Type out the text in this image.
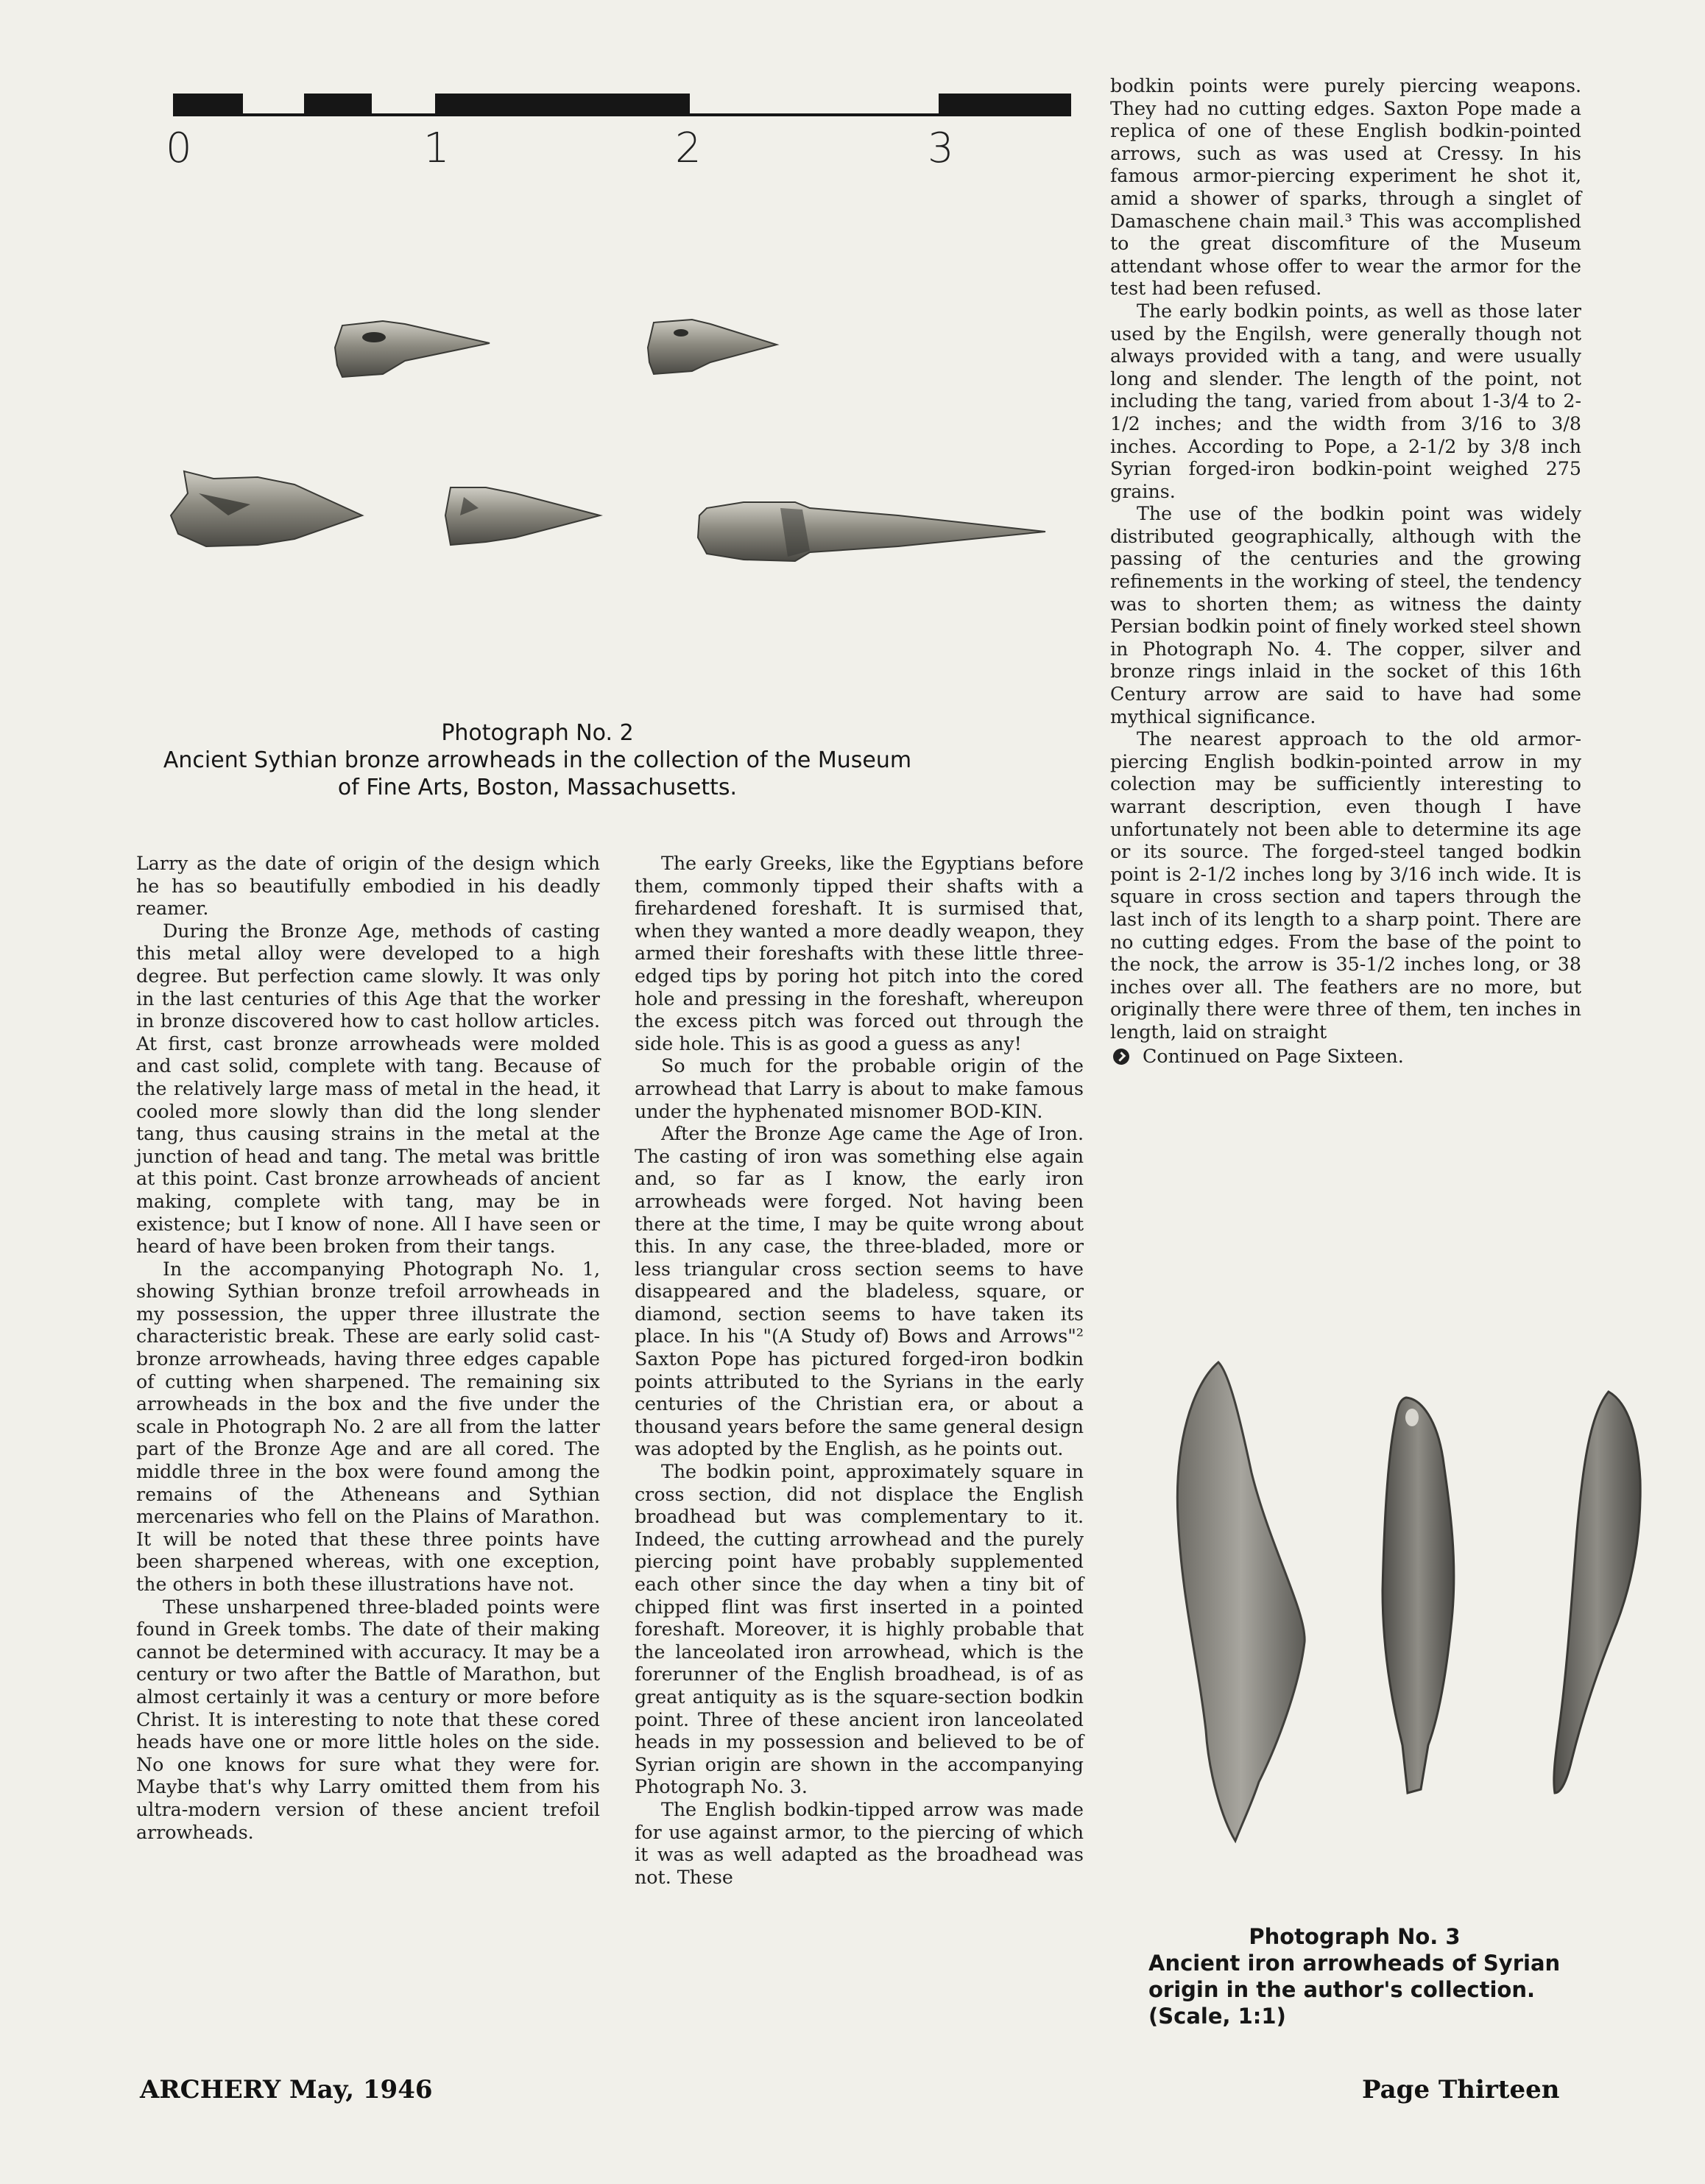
0	1	2	3
Photograph No. 2
Ancient Sythian bronze arrowheads in the collection of the Museum
of Fine Arts, Boston, Massachusetts.

Larry as the date of origin of the design which he has so beautifully embodied in his deadly reamer.

During the Bronze Age, methods of casting this metal alloy were developed to a high degree. But perfection came slowly. It was only in the last centuries of this Age that the worker in bronze discovered how to cast hollow articles. At first, cast bronze arrowheads were molded and cast solid, complete with tang. Because of the relatively large mass of metal in the head, it cooled more slowly than did the long slender tang, thus causing strains in the metal at the junction of head and tang. The metal was brittle at this point. Cast bronze arrowheads of ancient making, complete with tang, may be in existence; but I know of none. All I have seen or heard of have been broken from their tangs.

In the accompanying Photograph No. 1, showing Sythian bronze trefoil arrowheads in my possession, the upper three illustrate the characteristic break. These are early solid cast-bronze arrowheads, having three edges capable of cutting when sharpened. The remaining six arrowheads in the box and the five under the scale in Photograph No. 2 are all from the latter part of the Bronze Age and are all cored. The middle three in the box were found among the remains of the Atheneans and Sythian mercenaries who fell on the Plains of Marathon. It will be noted that these three points have been sharpened whereas, with one exception, the others in both these illustrations have not.

These unsharpened three-bladed points were found in Greek tombs. The date of their making cannot be determined with accuracy. It may be a century or two after the Battle of Marathon, but almost certainly it was a century or more before Christ. It is interesting to note that these cored heads have one or more little holes on the side. No one knows for sure what they were for. Maybe that's why Larry omitted them from his ultra-modern version of these ancient trefoil arrowheads.

The early Greeks, like the Egyptians before them, commonly tipped their shafts with a firehardened foreshaft. It is surmised that, when they wanted a more deadly weapon, they armed their foreshafts with these little three-edged tips by poring hot pitch into the cored hole and pressing in the foreshaft, whereupon the excess pitch was forced out through the side hole. This is as good a guess as any!

So much for the probable origin of the arrowhead that Larry is about to make famous under the hyphenated misnomer BOD-KIN.

After the Bronze Age came the Age of Iron. The casting of iron was something else again and, so far as I know, the early iron arrowheads were forged. Not having been there at the time, I may be quite wrong about this. In any case, the three-bladed, more or less triangular cross section seems to have disappeared and the bladeless, square, or diamond, section seems to have taken its place. In his "(A Study of) Bows and Arrows"² Saxton Pope has pictured forged-iron bodkin points attributed to the Syrians in the early centuries of the Christian era, or about a thousand years before the same general design was adopted by the English, as he points out.

The bodkin point, approximately square in cross section, did not displace the English broadhead but was complementary to it. Indeed, the cutting arrowhead and the purely piercing point have probably supplemented each other since the day when a tiny bit of chipped flint was first inserted in a pointed foreshaft. Moreover, it is highly probable that the lanceolated iron arrowhead, which is the forerunner of the English broadhead, is of as great antiquity as is the square-section bodkin point. Three of these ancient iron lanceolated heads in my possession and believed to be of Syrian origin are shown in the accompanying Photograph No. 3.

The English bodkin-tipped arrow was made for use against armor, to the piercing of which it was as well adapted as the broadhead was not. These

bodkin points were purely piercing weapons. They had no cutting edges. Saxton Pope made a replica of one of these English bodkin-pointed arrows, such as was used at Cressy. In his famous armor-piercing experiment he shot it, amid a shower of sparks, through a singlet of Damaschene chain mail.³ This was accomplished to the great discomfiture of the Museum attendant whose offer to wear the armor for the test had been refused.

The early bodkin points, as well as those later used by the Engilsh, were generally though not always provided with a tang, and were usually long and slender. The length of the point, not including the tang, varied from about 1-3/4 to 2-1/2 inches; and the width from 3/16 to 3/8 inches. According to Pope, a 2-1/2 by 3/8 inch Syrian forged-iron bodkin-point weighed 275 grains.

The use of the bodkin point was widely distributed geographically, although with the passing of the centuries and the growing refinements in the working of steel, the tendency was to shorten them; as witness the dainty Persian bodkin point of finely worked steel shown in Photograph No. 4. The copper, silver and bronze rings inlaid in the socket of this 16th Century arrow are said to have had some mythical significance.

The nearest approach to the old armor-piercing English bodkin-pointed arrow in my colection may be sufficiently interesting to warrant description, even though I have unfortunately not been able to determine its age or its source. The forged-steel tanged bodkin point is 2-1/2 inches long by 3/16 inch wide. It is square in cross section and tapers through the last inch of its length to a sharp point. There are no cutting edges. From the base of the point to the nock, the arrow is 35-1/2 inches long, or 38 inches over all. The feathers are no more, but originally there were three of them, ten inches in length, laid on straight

Continued on Page Sixteen.

Photograph No. 3
Ancient iron arrowheads of Syrian
origin in the author's collection.
(Scale, 1:1)
ARCHERY May, 1946	Page Thirteen
